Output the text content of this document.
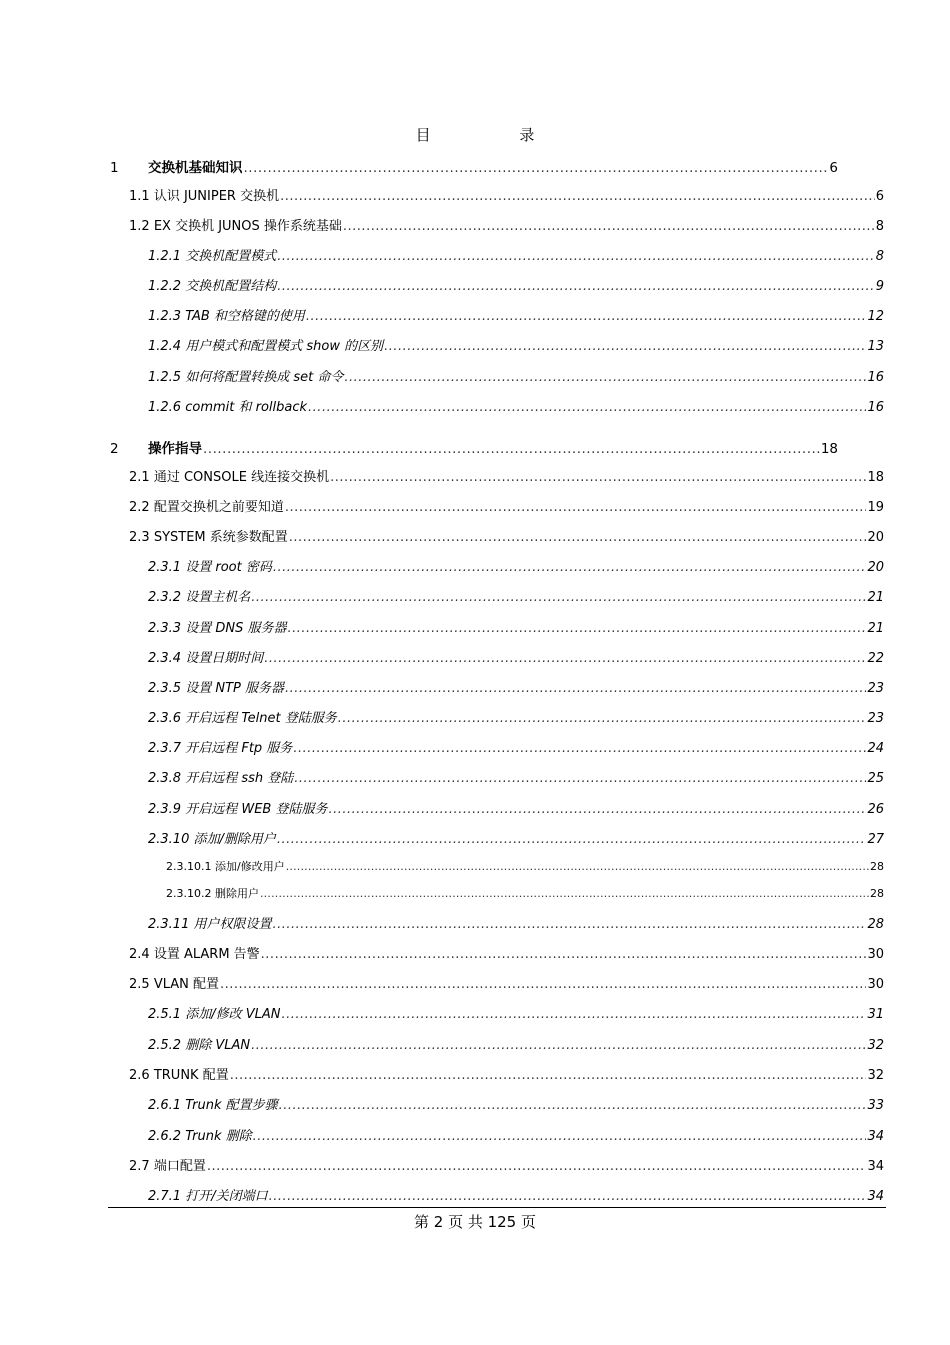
目 录
1 交换机基础知识 .....	6
1.1 认识 JUNIPER 交换机 .....	6
1.2 EX 交换机 JUNOS 操作系统基础 .....	8
1.2.1 交换机配置模式 .....	8
1.2.2 交换机配置结构 .....	9
1.2.3 TAB 和空格键的使用 .....	12
1.2.4 用户模式和配置模式 show 的区别 .....	13
1.2.5 如何将配置转换成 set 命令 .....	16
1.2.6 commit 和 rollback .....	16
2 操作指导 .....	18
2.1 通过 CONSOLE 线连接交换机 .....	18
2.2 配置交换机之前要知道 .....	19
2.3 SYSTEM 系统参数配置 .....	20
2.3.1 设置 root 密码 .....	20
2.3.2 设置主机名 .....	21
2.3.3 设置 DNS 服务器 .....	21
2.3.4 设置日期时间 .....	22
2.3.5 设置 NTP 服务器 .....	23
2.3.6 开启远程 Telnet 登陆服务 .....	23
2.3.7 开启远程 Ftp 服务 .....	24
2.3.8 开启远程 ssh 登陆 .....	25
2.3.9 开启远程 WEB 登陆服务 .....	26
2.3.10 添加/删除用户 .....	27
2.3.10.1 添加/修改用户 .....	28
2.3.10.2 删除用户 .....	28
2.3.11 用户权限设置 .....	28
2.4 设置 ALARM 告警 .....	30
2.5 VLAN 配置 .....	30
2.5.1 添加/修改 VLAN .....	31
2.5.2 删除 VLAN .....	32
2.6 TRUNK 配置 .....	32
2.6.1 Trunk 配置步骤 .....	33
2.6.2 Trunk 删除 .....	34
2.7 端口配置 .....	34
2.7.1 打开/关闭端口 .....	34
第 2 页 共 125 页
